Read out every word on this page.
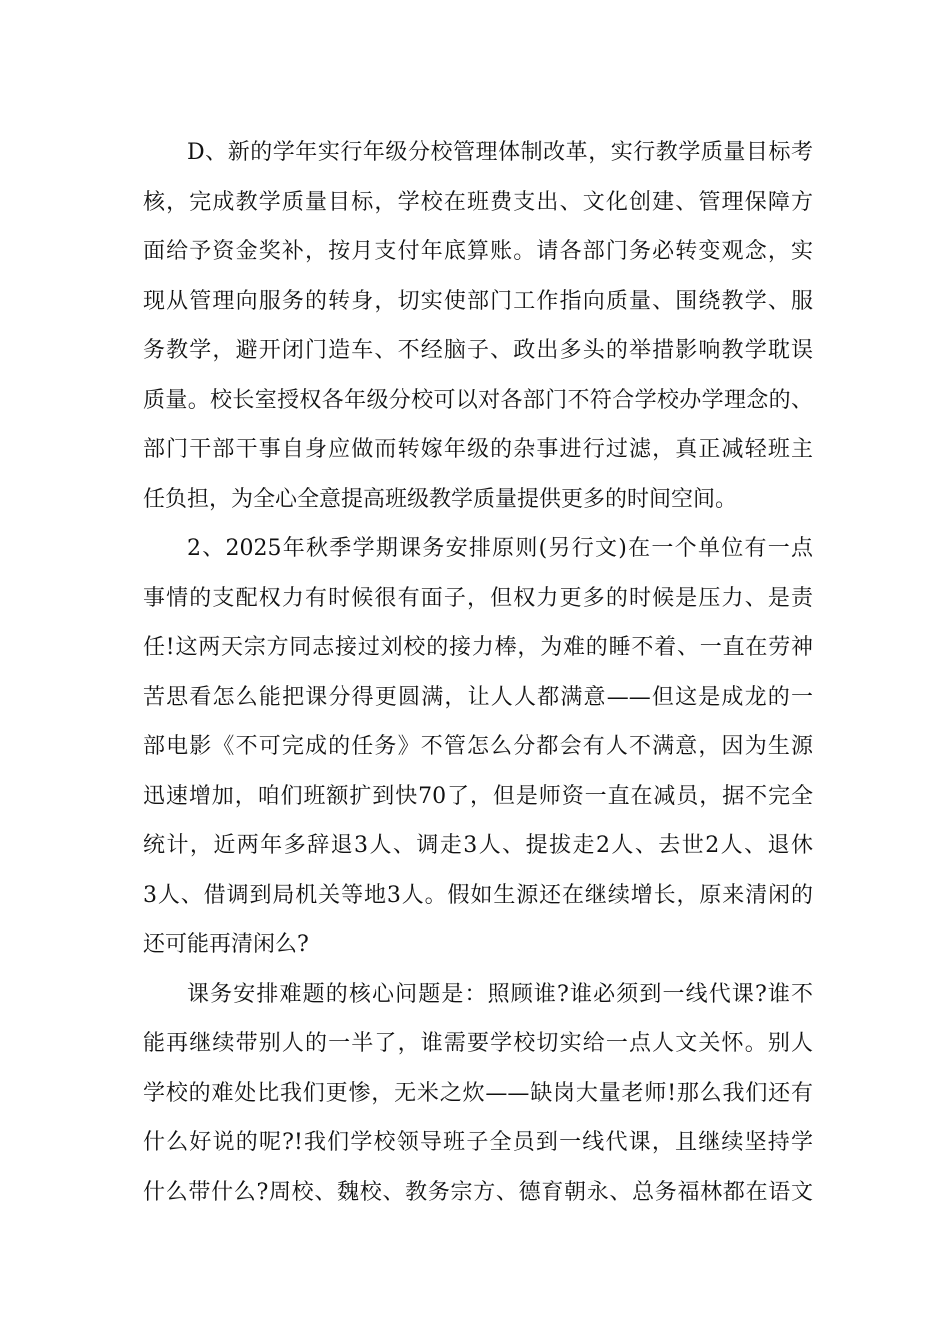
D、新的学年实行年级分校管理体制改革，实行教学质量目标考
核，完成教学质量目标，学校在班费支出、文化创建、管理保障方
面给予资金奖补，按月支付年底算账。请各部门务必转变观念，实
现从管理向服务的转身，切实使部门工作指向质量、围绕教学、服
务教学，避开闭门造车、不经脑子、政出多头的举措影响教学耽误
质量。校长室授权各年级分校可以对各部门不符合学校办学理念的、
部门干部干事自身应做而转嫁年级的杂事进行过滤，真正减轻班主
任负担，为全心全意提高班级教学质量提供更多的时间空间。
2、2025年秋季学期课务安排原则(另行文)在一个单位有一点
事情的支配权力有时候很有面子，但权力更多的时候是压力、是责
任!这两天宗方同志接过刘校的接力棒，为难的睡不着、一直在劳神
苦思看怎么能把课分得更圆满，让人人都满意——但这是成龙的一
部电影《不可完成的任务》不管怎么分都会有人不满意，因为生源
迅速增加，咱们班额扩到快70了，但是师资一直在减员，据不完全
统计，近两年多辞退3人、调走3人、提拔走2人、去世2人、退休
3人、借调到局机关等地3人。假如生源还在继续增长，原来清闲的
还可能再清闲么?
课务安排难题的核心问题是：照顾谁?谁必须到一线代课?谁不
能再继续带别人的一半了，谁需要学校切实给一点人文关怀。别人
学校的难处比我们更惨，无米之炊——缺岗大量老师!那么我们还有
什么好说的呢?!我们学校领导班子全员到一线代课，且继续坚持学
什么带什么?周校、魏校、教务宗方、德育朝永、总务福林都在语文
